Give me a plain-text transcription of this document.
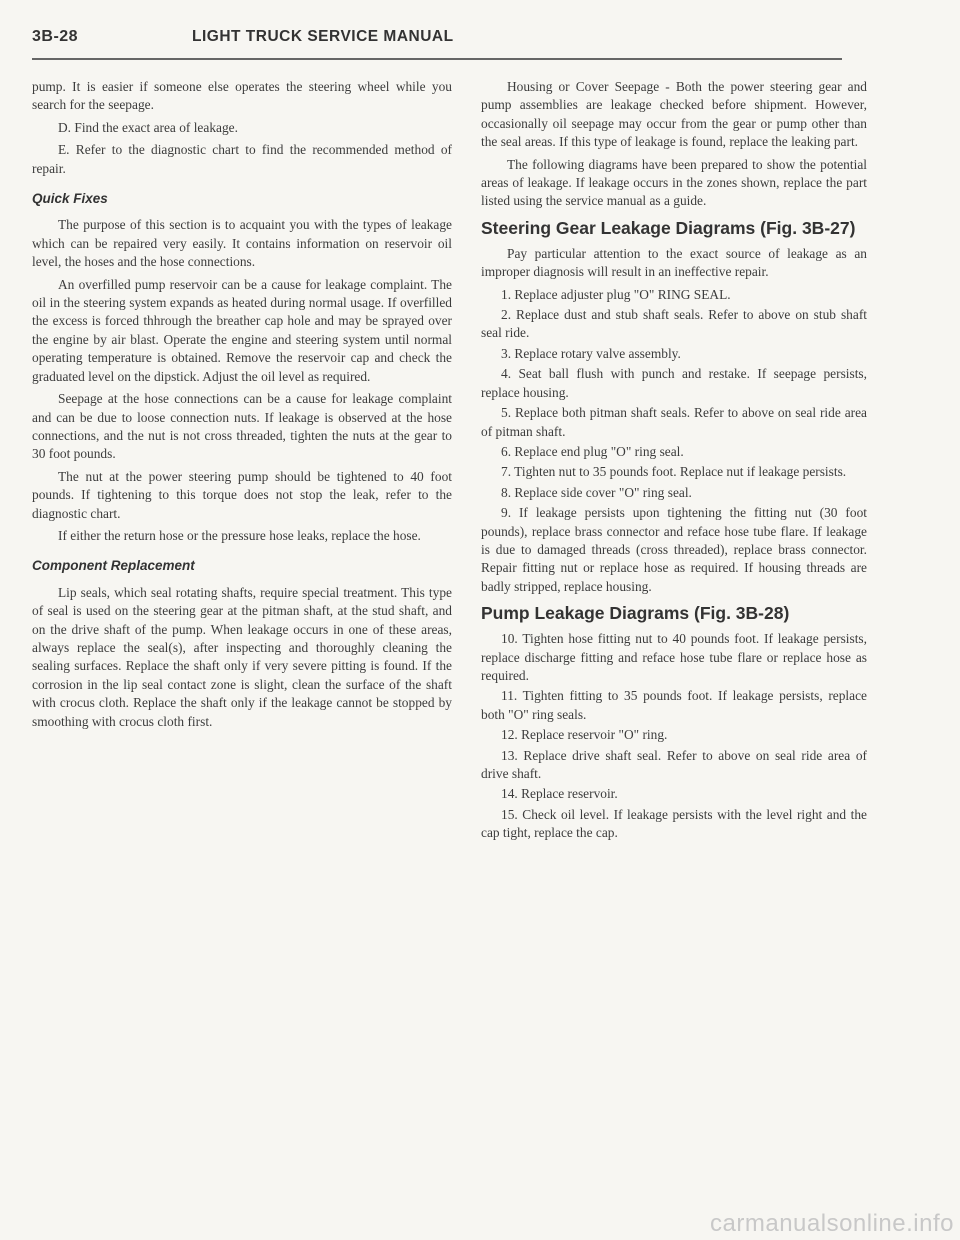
3B-28	LIGHT TRUCK SERVICE MANUAL

pump. It is easier if someone else operates the steering wheel while you search for the seepage.

D. Find the exact area of leakage.

E. Refer to the diagnostic chart to find the recommended method of repair.

Quick Fixes

The purpose of this section is to acquaint you with the types of leakage which can be repaired very easily. It contains information on reservoir oil level, the hoses and the hose connections.

An overfilled pump reservoir can be a cause for leakage complaint. The oil in the steering system expands as heated during normal usage. If overfilled the excess is forced thhrough the breather cap hole and may be sprayed over the engine by air blast. Operate the engine and steering system until normal operating temperature is obtained. Remove the reservoir cap and check the graduated level on the dipstick. Adjust the oil level as required.

Seepage at the hose connections can be a cause for leakage complaint and can be due to loose connection nuts. If leakage is observed at the hose connections, and the nut is not cross threaded, tighten the nuts at the gear to 30 foot pounds.

The nut at the power steering pump should be tightened to 40 foot pounds. If tightening to this torque does not stop the leak, refer to the diagnostic chart.

If either the return hose or the pressure hose leaks, replace the hose.

Component Replacement

Lip seals, which seal rotating shafts, require special treatment. This type of seal is used on the steering gear at the pitman shaft, at the stud shaft, and on the drive shaft of the pump. When leakage occurs in one of these areas, always replace the seal(s), after inspecting and thoroughly cleaning the sealing surfaces. Replace the shaft only if very severe pitting is found. If the corrosion in the lip seal contact zone is slight, clean the surface of the shaft with crocus cloth. Replace the shaft only if the leakage cannot be stopped by smoothing with crocus cloth first.

Housing or Cover Seepage - Both the power steering gear and pump assemblies are leakage checked before shipment. However, occasionally oil seepage may occur from the gear or pump other than the seal areas. If this type of leakage is found, replace the leaking part.

The following diagrams have been prepared to show the potential areas of leakage. If leakage occurs in the zones shown, replace the part listed using the service manual as a guide.

Steering Gear Leakage Diagrams (Fig. 3B-27)

Pay particular attention to the exact source of leakage as an improper diagnosis will result in an ineffective repair.

1. Replace adjuster plug "O" RING SEAL.

2. Replace dust and stub shaft seals. Refer to above on stub shaft seal ride.

3. Replace rotary valve assembly.

4. Seat ball flush with punch and restake. If seepage persists, replace housing.

5. Replace both pitman shaft seals. Refer to above on seal ride area of pitman shaft.

6. Replace end plug "O" ring seal.

7. Tighten nut to 35 pounds foot. Replace nut if leakage persists.

8. Replace side cover "O" ring seal.

9. If leakage persists upon tightening the fitting nut (30 foot pounds), replace brass connector and reface hose tube flare. If leakage is due to damaged threads (cross threaded), replace brass connector. Repair fitting nut or replace hose as required. If housing threads are badly stripped, replace housing.

Pump Leakage Diagrams (Fig. 3B-28)

10. Tighten hose fitting nut to 40 pounds foot. If leakage persists, replace discharge fitting and reface hose tube flare or replace hose as required.

11. Tighten fitting to 35 pounds foot. If leakage persists, replace both "O" ring seals.

12. Replace reservoir "O" ring.

13. Replace drive shaft seal. Refer to above on seal ride area of drive shaft.

14. Replace reservoir.

15. Check oil level. If leakage persists with the level right and the cap tight, replace the cap.

carmanualsonline.info
